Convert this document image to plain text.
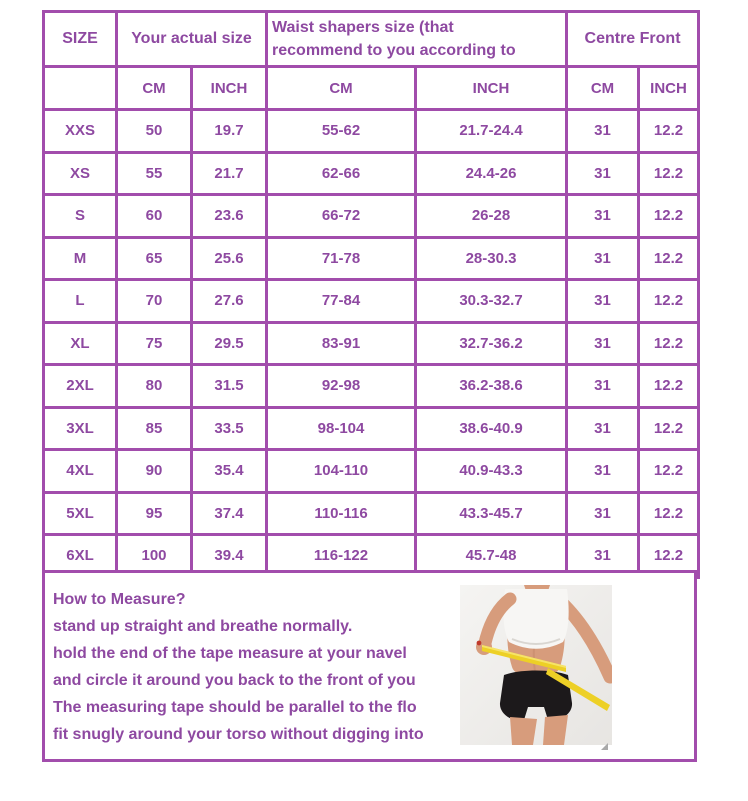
SIZE	Your actual size		Waist shapers size (that
recommend to you according to		Centre Front	
	CM	INCH	CM	INCH	CM	INCH
XXS	50	19.7	55-62	21.7-24.4	31	12.2
XS	55	21.7	62-66	24.4-26	31	12.2
S	60	23.6	66-72	26-28	31	12.2
M	65	25.6	71-78	28-30.3	31	12.2
L	70	27.6	77-84	30.3-32.7	31	12.2
XL	75	29.5	83-91	32.7-36.2	31	12.2
2XL	80	31.5	92-98	36.2-38.6	31	12.2
3XL	85	33.5	98-104	38.6-40.9	31	12.2
4XL	90	35.4	104-110	40.9-43.3	31	12.2
5XL	95	37.4	110-116	43.3-45.7	31	12.2
6XL	100	39.4	116-122	45.7-48	31	12.2
How to Measure?
stand up straight and breathe normally.
hold the end of the tape measure at your navel
and circle it around you back to the front of you
The measuring tape should be parallel to the flo
fit snugly around your torso without digging into
